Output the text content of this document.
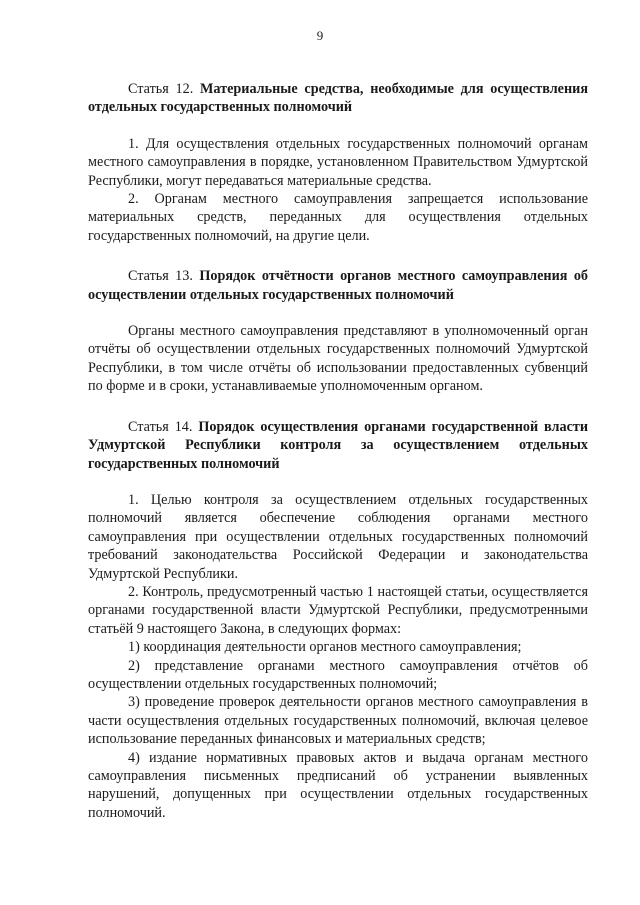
9

Статья 12. Материальные средства, необходимые для осуществления отдельных государственных полномочий

1. Для осуществления отдельных государственных полномочий органам местного самоуправления в порядке, установленном Правительством Удмуртской Республики, могут передаваться материальные средства.

2. Органам местного самоуправления запрещается использование материальных средств, переданных для осуществления отдельных государственных полномочий, на другие цели.

Статья 13. Порядок отчётности органов местного самоуправления об осуществлении отдельных государственных полномочий

Органы местного самоуправления представляют в уполномоченный орган отчёты об осуществлении отдельных государственных полномочий Удмуртской Республики, в том числе отчёты об использовании предоставленных субвенций по форме и в сроки, устанавливаемые уполномоченным органом.

Статья 14. Порядок осуществления органами государственной власти Удмуртской Республики контроля за осуществлением отдельных государственных полномочий

1. Целью контроля за осуществлением отдельных государственных полномочий является обеспечение соблюдения органами местного самоуправления при осуществлении отдельных государственных полномочий требований законодательства Российской Федерации и законодательства Удмуртской Республики.

2. Контроль, предусмотренный частью 1 настоящей статьи, осуществляется органами государственной власти Удмуртской Республики, предусмотренными статьёй 9 настоящего Закона, в следующих формах:

1) координация деятельности органов местного самоуправления;

2) представление органами местного самоуправления отчётов об осуществлении отдельных государственных полномочий;

3) проведение проверок деятельности органов местного самоуправления в части осуществления отдельных государственных полномочий, включая целевое использование переданных финансовых и материальных средств;

4) издание нормативных правовых актов и выдача органам местного самоуправления письменных предписаний об устранении выявленных нарушений, допущенных при осуществлении отдельных государственных полномочий.
